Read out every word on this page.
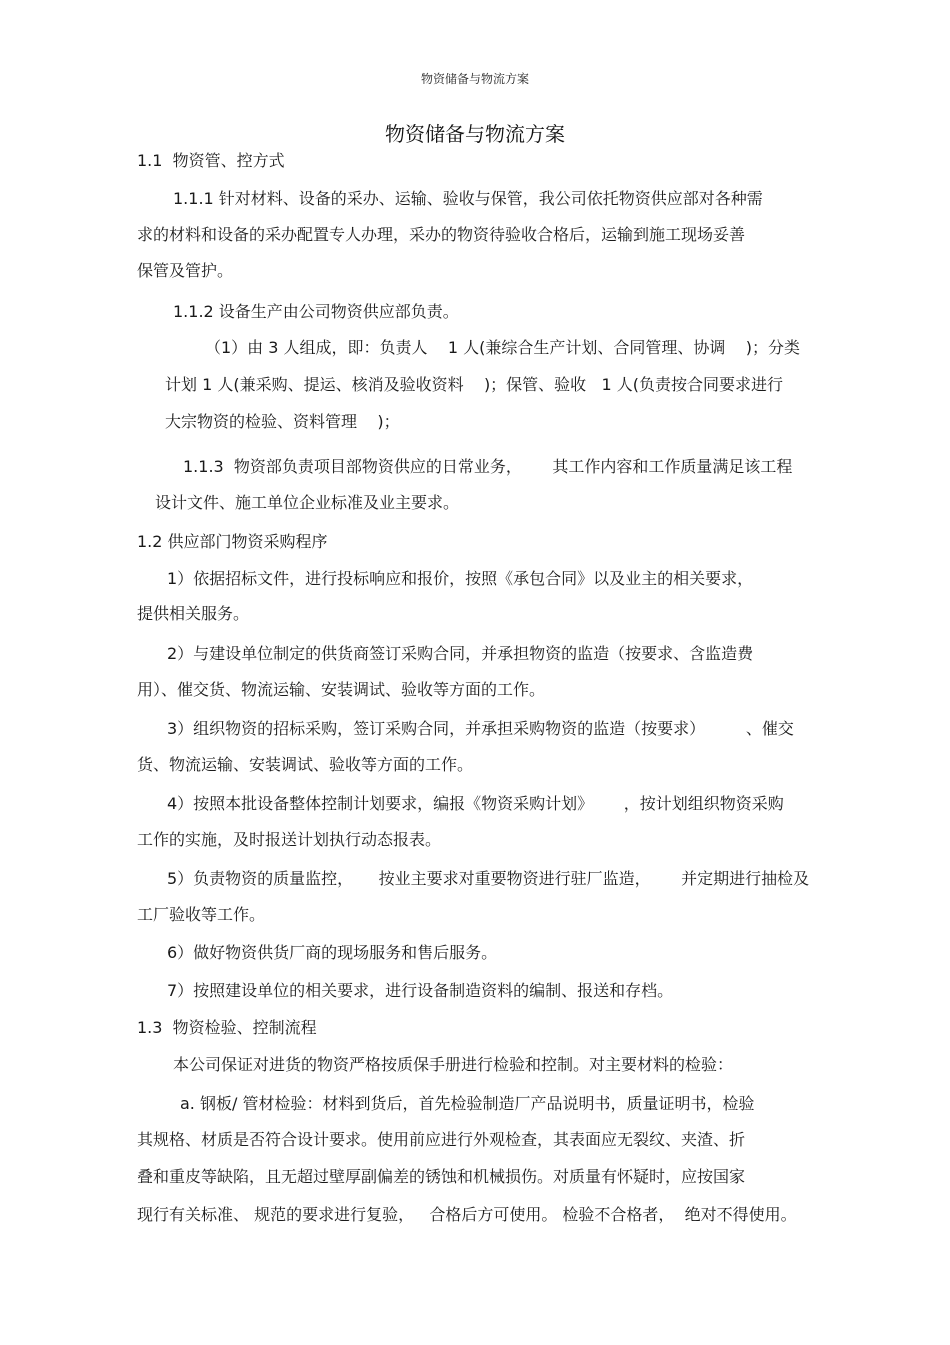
物资储备与物流方案
物资储备与物流方案
1.1  物资管、控方式
1.1.1 针对材料、设备的采办、运输、验收与保管，我公司依托物资供应部对各种需
求的材料和设备的采办配置专人办理，采办的物资待验收合格后，运输到施工现场妥善
保管及管护。
1.1.2 设备生产由公司物资供应部负责。
（1）由 3 人组成，即：负责人    1 人(兼综合生产计划、合同管理、协调    )；分类
计划 1 人(兼采购、提运、核消及验收资料    )；保管、验收   1 人(负责按合同要求进行
大宗物资的检验、资料管理    )；
1.1.3  物资部负责项目部物资供应的日常业务，      其工作内容和工作质量满足该工程
设计文件、施工单位企业标准及业主要求。
1.2 供应部门物资采购程序
1）依据招标文件，进行投标响应和报价，按照《承包合同》以及业主的相关要求，
提供相关服务。
2）与建设单位制定的供货商签订采购合同，并承担物资的监造（按要求、含监造费
用）、催交货、物流运输、安装调试、验收等方面的工作。
3）组织物资的招标采购，签订采购合同，并承担采购物资的监造（按要求）        、催交
货、物流运输、安装调试、验收等方面的工作。
4）按照本批设备整体控制计划要求，编报《物资采购计划》      ，按计划组织物资采购
工作的实施，及时报送计划执行动态报表。
5）负责物资的质量监控，     按业主要求对重要物资进行驻厂监造，      并定期进行抽检及
工厂验收等工作。
6）做好物资供货厂商的现场服务和售后服务。
7）按照建设单位的相关要求，进行设备制造资料的编制、报送和存档。
1.3  物资检验、控制流程
本公司保证对进货的物资严格按质保手册进行检验和控制。对主要材料的检验：
a. 钢板/ 管材检验：材料到货后，首先检验制造厂产品说明书，质量证明书，检验
其规格、材质是否符合设计要求。使用前应进行外观检查，其表面应无裂纹、夹渣、折
叠和重皮等缺陷，且无超过壁厚副偏差的锈蚀和机械损伤。对质量有怀疑时，应按国家
现行有关标准、 规范的要求进行复验，   合格后方可使用。 检验不合格者，  绝对不得使用。
